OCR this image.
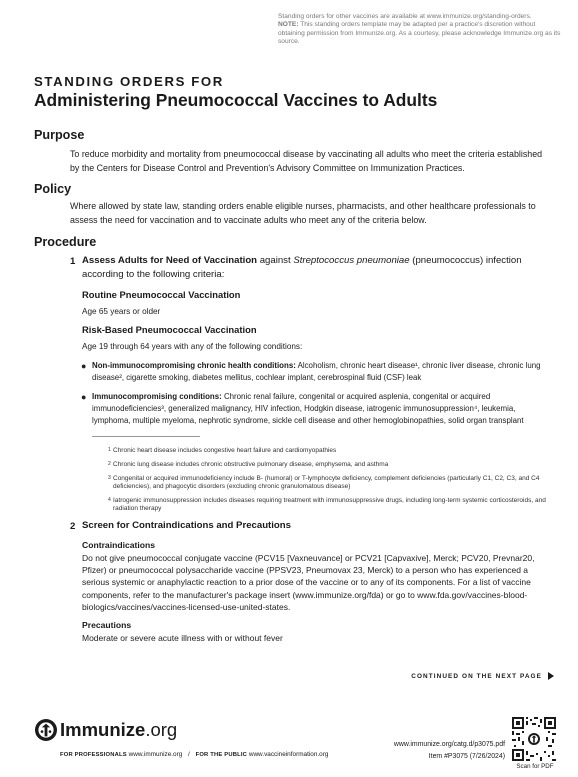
Standing orders for other vaccines are available at www.immunize.org/standing-orders.
NOTE: This standing orders template may be adapted per a practice's discretion without obtaining permission from Immunize.org. As a courtesy, please acknowledge Immunize.org as its source.
STANDING ORDERS FOR
Administering Pneumococcal Vaccines to Adults
Purpose
To reduce morbidity and mortality from pneumococcal disease by vaccinating all adults who meet the criteria established by the Centers for Disease Control and Prevention's Advisory Committee on Immunization Practices.
Policy
Where allowed by state law, standing orders enable eligible nurses, pharmacists, and other healthcare professionals to assess the need for vaccination and to vaccinate adults who meet any of the criteria below.
Procedure
1 Assess Adults for Need of Vaccination against Streptococcus pneumoniae (pneumococcus) infection according to the following criteria:
Routine Pneumococcal Vaccination
Age 65 years or older
Risk-Based Pneumococcal Vaccination
Age 19 through 64 years with any of the following conditions:
● Non-immunocompromising chronic health conditions: Alcoholism, chronic heart disease¹, chronic liver disease, chronic lung disease², cigarette smoking, diabetes mellitus, cochlear implant, cerebrospinal fluid (CSF) leak
● Immunocompromising conditions: Chronic renal failure, congenital or acquired asplenia, congenital or acquired immunodeficiencies³, generalized malignancy, HIV infection, Hodgkin disease, iatrogenic immunosuppression⁴, leukemia, lymphoma, multiple myeloma, nephrotic syndrome, sickle cell disease and other hemoglobinopathies, solid organ transplant
1 Chronic heart disease includes congestive heart failure and cardiomyopathies
2 Chronic lung disease includes chronic obstructive pulmonary disease, emphysema, and asthma
3 Congenital or acquired immunodeficiency include B- (humoral) or T-lymphocyte deficiency, complement deficiencies (particularly C1, C2, C3, and C4 deficiencies), and phagocytic disorders (excluding chronic granulomatous disease)
4 Iatrogenic immunosuppression includes diseases requiring treatment with immunosuppressive drugs, including long-term systemic corticosteroids, and radiation therapy
2 Screen for Contraindications and Precautions
Contraindications
Do not give pneumococcal conjugate vaccine (PCV15 [Vaxneuvance] or PCV21 [Capvaxive], Merck; PCV20, Prevnar20, Pfizer) or pneumococcal polysaccharide vaccine (PPSV23, Pneumovax 23, Merck) to a person who has experienced a serious systemic or anaphylactic reaction to a prior dose of the vaccine or to any of its components. For a list of vaccine components, refer to the manufacturer's package insert (www.immunize.org/fda) or go to www.fda.gov/vaccines-blood-biologics/vaccines/vaccines-licensed-use-united-states.
Precautions
Moderate or severe acute illness with or without fever
CONTINUED ON THE NEXT PAGE
Immunize.org
FOR PROFESSIONALS www.immunize.org / FOR THE PUBLIC www.vaccineinformation.org
www.immunize.org/catg.d/p3075.pdf
Item #P3075 (7/26/2024)
Scan for PDF
